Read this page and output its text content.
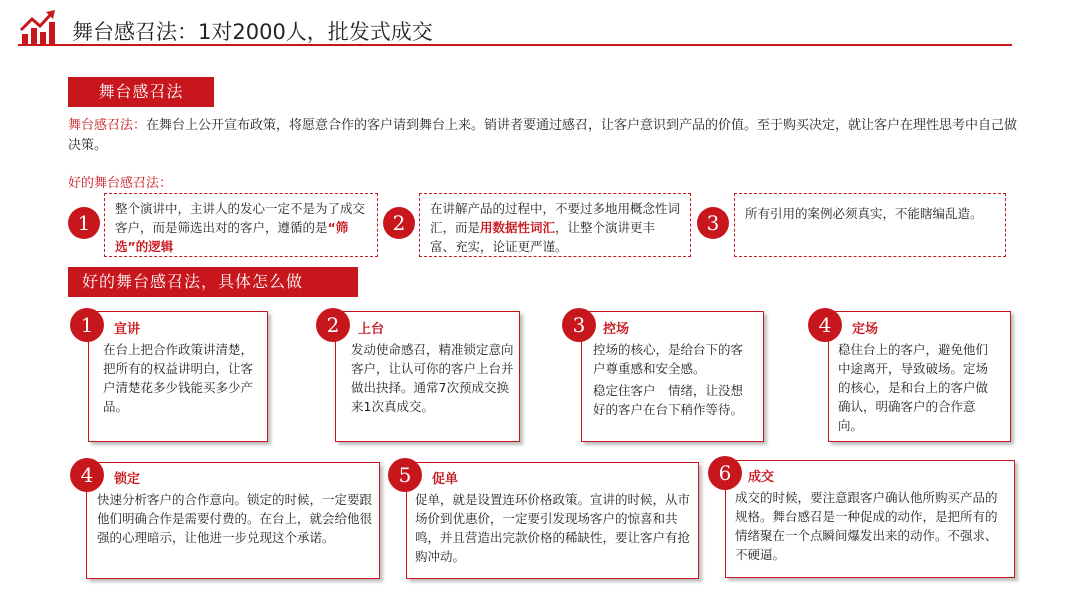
舞台感召法：1对2000人，批发式成交
舞台感召法
舞台感召法：在舞台上公开宣布政策，将愿意合作的客户请到舞台上来。销讲者要通过感召，让客户意识到产品的价值。至于购买决定，就让客户在理性思考中自己做决策。
好的舞台感召法：
1
整个演讲中，主讲人的发心一定不是为了成交客户，而是筛选出对的客户，遵循的是“筛选”的逻辑
2
在讲解产品的过程中，不要过多地用概念性词汇，而是用数据性词汇，让整个演讲更丰富、充实，论证更严谨。
3	所有引用的案例必须真实，不能瞎编乱造。
好的舞台感召法，具体怎么做
1	宣讲
在台上把合作政策讲清楚，把所有的权益讲明白，让客户清楚花多少钱能买多少产品。
2	上台
发动使命感召，精准锁定意向客户，让认可你的客户上台并做出抉择。通常7次预成交换来1次真成交。
3	控场
控场的核心，是给台下的客户尊重感和安全感。
稳定住客户　情绪，让没想好的客户在台下稍作等待。
4	定场
稳住台上的客户，避免他们中途离开，导致破场。定场的核心，是和台上的客户做确认，明确客户的合作意向。
4	锁定
快速分析客户的合作意向。锁定的时候，一定要跟他们明确合作是需要付费的。在台上，就会给他很强的心理暗示，让他进一步兑现这个承诺。
5	促单
促单，就是设置连环价格政策。宣讲的时候，从市场价到优惠价，一定要引发现场客户的惊喜和共鸣，并且营造出完款价格的稀缺性，要让客户有抢购冲动。
6	成交
成交的时候，要注意跟客户确认他所购买产品的规格。舞台感召是一种促成的动作，是把所有的情绪聚在一个点瞬间爆发出来的动作。不强求、不硬逼。
